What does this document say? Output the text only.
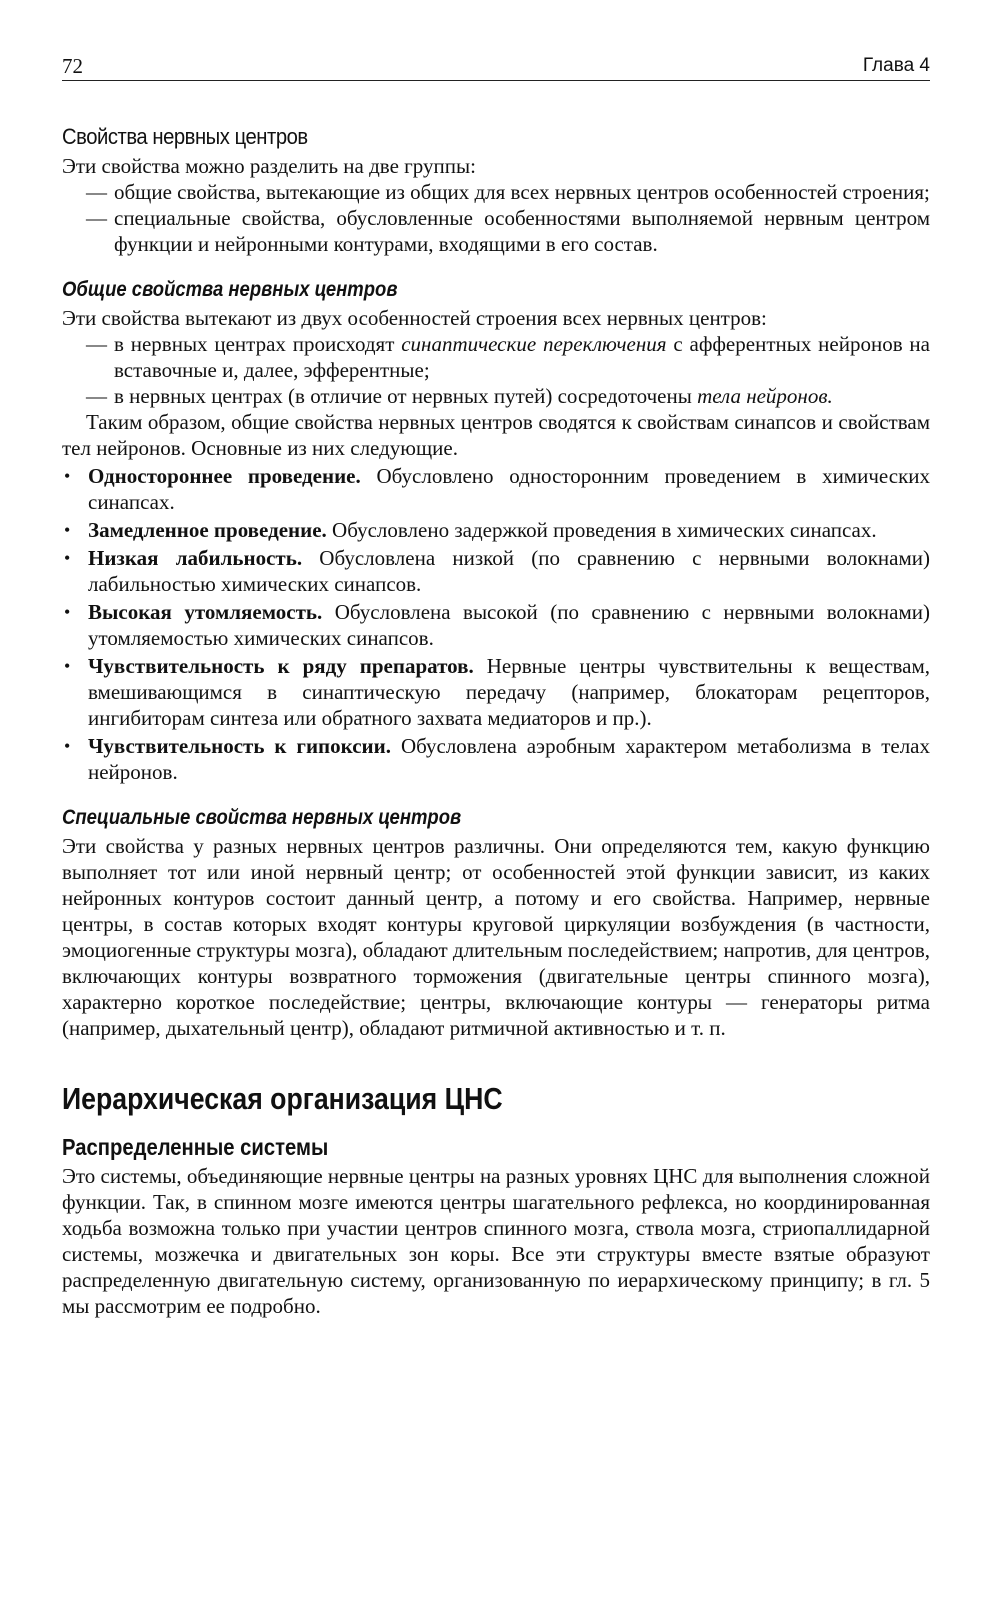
72	Глава 4
Свойства нервных центров

Эти свойства можно разделить на две группы:

— общие свойства, вытекающие из общих для всех нервных центров особенностей строения;
— специальные свойства, обусловленные особенностями выполняемой нервным центром функции и нейронными контурами, входящими в его состав.
Общие свойства нервных центров

Эти свойства вытекают из двух особенностей строения всех нервных центров:

— в нервных центрах происходят синаптические переключения с афферентных нейронов на вставочные и, далее, эфферентные;
— в нервных центрах (в отличие от нервных путей) сосредоточены тела нейронов.

Таким образом, общие свойства нервных центров сводятся к свойствам синапсов и свойствам тел нейронов. Основные из них следующие.

• Одностороннее проведение. Обусловлено односторонним проведением в химических синапсах.
• Замедленное проведение. Обусловлено задержкой проведения в химических синапсах.
• Низкая лабильность. Обусловлена низкой (по сравнению с нервными волокнами) лабильностью химических синапсов.
• Высокая утомляемость. Обусловлена высокой (по сравнению с нервными волокнами) утомляемостью химических синапсов.
• Чувствительность к ряду препаратов. Нервные центры чувствительны к веществам, вмешивающимся в синаптическую передачу (например, блокаторам рецепторов, ингибиторам синтеза или обратного захвата медиаторов и пр.).
• Чувствительность к гипоксии. Обусловлена аэробным характером метаболизма в телах нейронов.
Специальные свойства нервных центров

Эти свойства у разных нервных центров различны. Они определяются тем, какую функцию выполняет тот или иной нервный центр; от особенностей этой функции зависит, из каких нейронных контуров состоит данный центр, а потому и его свойства. Например, нервные центры, в состав которых входят контуры круговой циркуляции возбуждения (в частности, эмоциогенные структуры мозга), обладают длительным последействием; напротив, для центров, включающих контуры возвратного торможения (двигательные центры спинного мозга), характерно короткое последействие; центры, включающие контуры — генераторы ритма (например, дыхательный центр), обладают ритмичной активностью и т. п.

Иерархическая организация ЦНС
Распределенные системы

Это системы, объединяющие нервные центры на разных уровнях ЦНС для выполнения сложной функции. Так, в спинном мозге имеются центры шагательного рефлекса, но координированная ходьба возможна только при участии центров спинного мозга, ствола мозга, стриопаллидарной системы, мозжечка и двигательных зон коры. Все эти структуры вместе взятые образуют распределенную двигательную систему, организованную по иерархическому принципу; в гл. 5 мы рассмотрим ее подробно.
